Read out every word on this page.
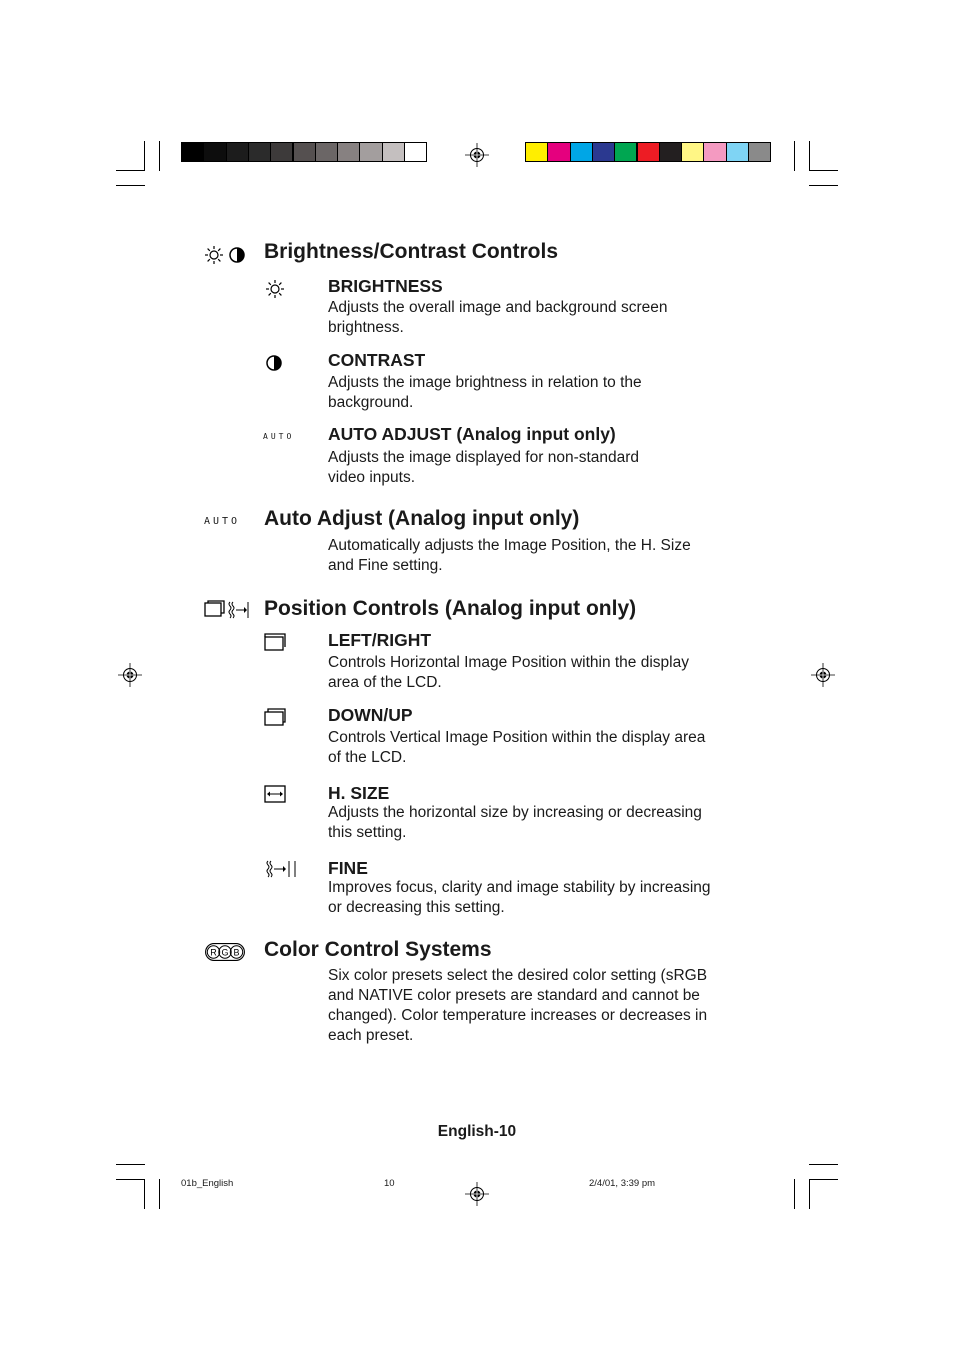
Brightness/Contrast Controls
BRIGHTNESS
Adjusts the overall image and background screen
brightness.
CONTRAST
Adjusts the image brightness in relation to the
background.
AUTO AUTO ADJUST (Analog input only)
Adjusts the image displayed for non-standard
video inputs.
AUTO Auto Adjust (Analog input only)
Automatically adjusts the Image Position, the H. Size
and Fine setting.
Position Controls (Analog input only)
LEFT/RIGHT
Controls Horizontal Image Position within the display
area of the LCD.
DOWN/UP
Controls Vertical Image Position within the display area
of the LCD.
H. SIZE
Adjusts the horizontal size by increasing or decreasing
this setting.
FINE
Improves focus, clarity and image stability by increasing
or decreasing this setting.
R G B Color Control Systems
Six color presets select the desired color setting (sRGB
and NATIVE color presets are standard and cannot be
changed). Color temperature increases or decreases in
each preset.
English-10
01b_English	10	2/4/01, 3:39 pm
